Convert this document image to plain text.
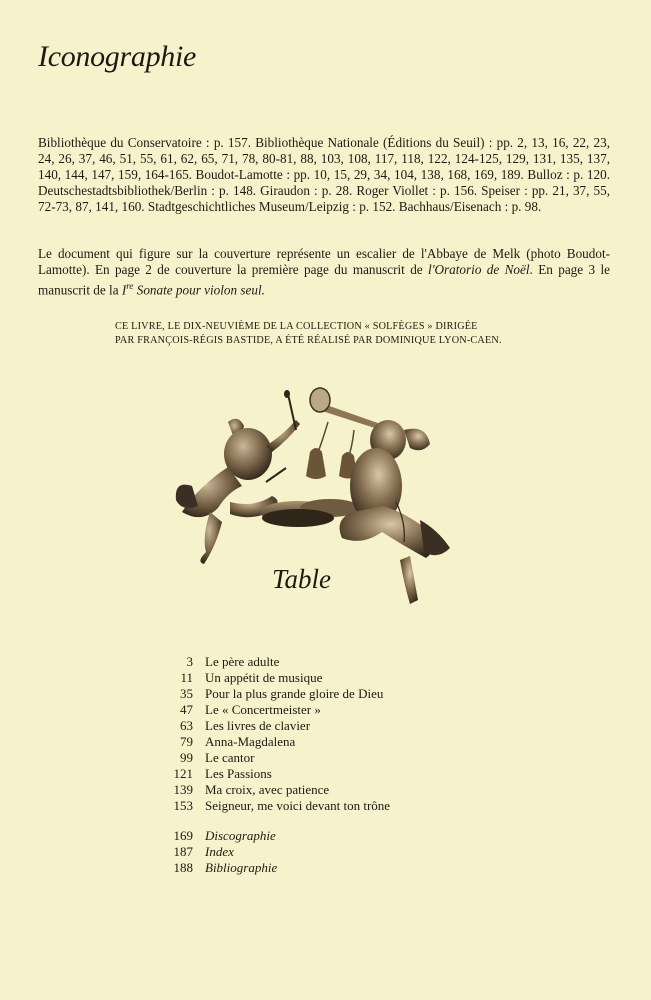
Iconographie

Bibliothèque du Conservatoire : p. 157. Bibliothèque Nationale (Éditions du Seuil) : pp. 2, 13, 16, 22, 23, 24, 26, 37, 46, 51, 55, 61, 62, 65, 71, 78, 80-81, 88, 103, 108, 117, 118, 122, 124-125, 129, 131, 135, 137, 140, 144, 147, 159, 164-165. Boudot-Lamotte : pp. 10, 15, 29, 34, 104, 138, 168, 169, 189. Bulloz : p. 120. Deutschestadtsbibliothek/Berlin : p. 148. Giraudon : p. 28. Roger Viollet : p. 156. Speiser : pp. 21, 37, 55, 72-73, 87, 141, 160. Stadtgeschichtliches Museum/Leipzig : p. 152. Bachhaus/Eisenach : p. 98.

Le document qui figure sur la couverture représente un escalier de l'Abbaye de Melk (photo Boudot-Lamotte). En page 2 de couverture la première page du manuscrit de l'Oratorio de Noël. En page 3 le manuscrit de la Ire Sonate pour violon seul.

CE LIVRE, LE DIX-NEUVIÈME DE LA COLLECTION « SOLFÈGES » DIRIGÉE
PAR FRANÇOIS-RÉGIS BASTIDE, A ÉTÉ RÉALISÉ PAR DOMINIQUE LYON-CAEN.
Table
3 Le père adulte
11 Un appétit de musique
35 Pour la plus grande gloire de Dieu
47 Le « Concertmeister »
63 Les livres de clavier
79 Anna-Magdalena
99 Le cantor
121 Les Passions
139 Ma croix, avec patience
153 Seigneur, me voici devant ton trône
169 Discographie
187 Index
188 Bibliographie
